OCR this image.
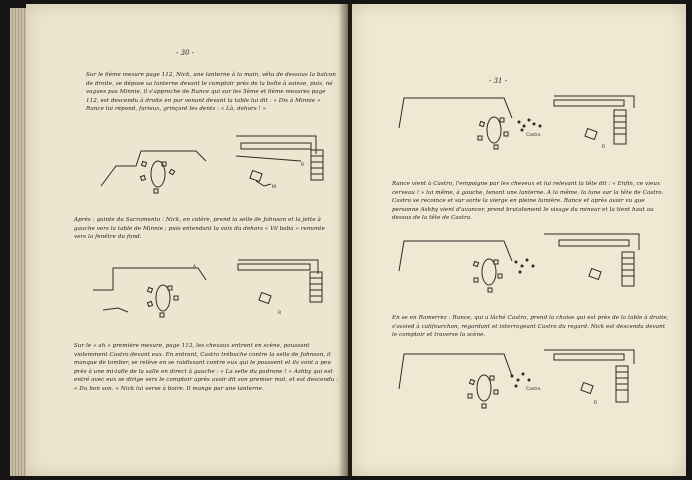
- 30 -
Sur le 6ème mesure page 112, Nick, une lanterne à la main, vêtu de dessous la balcon de droite, se dépose sa lanterne devant le comptoir près de la boîte à soinse, puis, né vagues pas Minnie, il s'approche de Rance qui sur les 5ème et 6ème mesures page 112, est descendu à droite en par venant devant la table lui dit : « Dis à Minnie » Rance lui répond, furieux, grinçant les dents : « Là, dehors ! »
R
M
Après : quinte du Sacramento : Nick, en colère, prend la selle de Johnson et la jette à gauche vers la table de Minnie ; puis entendant la voix du dehors « Vil baba » remonte vers la fenêtre du fond.
A
R
Sur le « ah » première mesure, page 113, les chevaux entrent en scène, poussant violemment Castro devant eux. En entrant, Castro trébuche contre la selle de Johnson, il manque de tomber, se relève en se raidissant contre eux qui le poussent et ils vont a peu près à une mi-talle de la salle en direct à gauche : « La selle du padrone ! » Ashby qui est entré avec eux se dirige vers le comptoir après avoir dit son premier mot, et est descendu : « Du bon son. » Nick lui verse à boire. Il mange par une lanterne.
- 31 -
Castro
R
Rance vient à Castro, l'empoigne par les cheveux et lui relevant la tête dit : « Enfin, ce vieux cerveau ! » lui même, à gauche, tenant une lanterne. A la même, la lune sur la tête de Castro. Castro se recoince et sur sorte la vierge en pleine lumière. Rance et après avoir vu que personne Ashby vient d'avancer, prend brutalement le visage du mineur et la tient haut au dessus de la tête de Castro.
En se en Ramerrez : Rance, qui a lâché Castro, prend la chaise qui est près de la table à droite, s'assied à califourchon, regardant et interrogeant Castro du regard. Nick est descendu devant le comptoir et traverse la scène.
R
Castro
